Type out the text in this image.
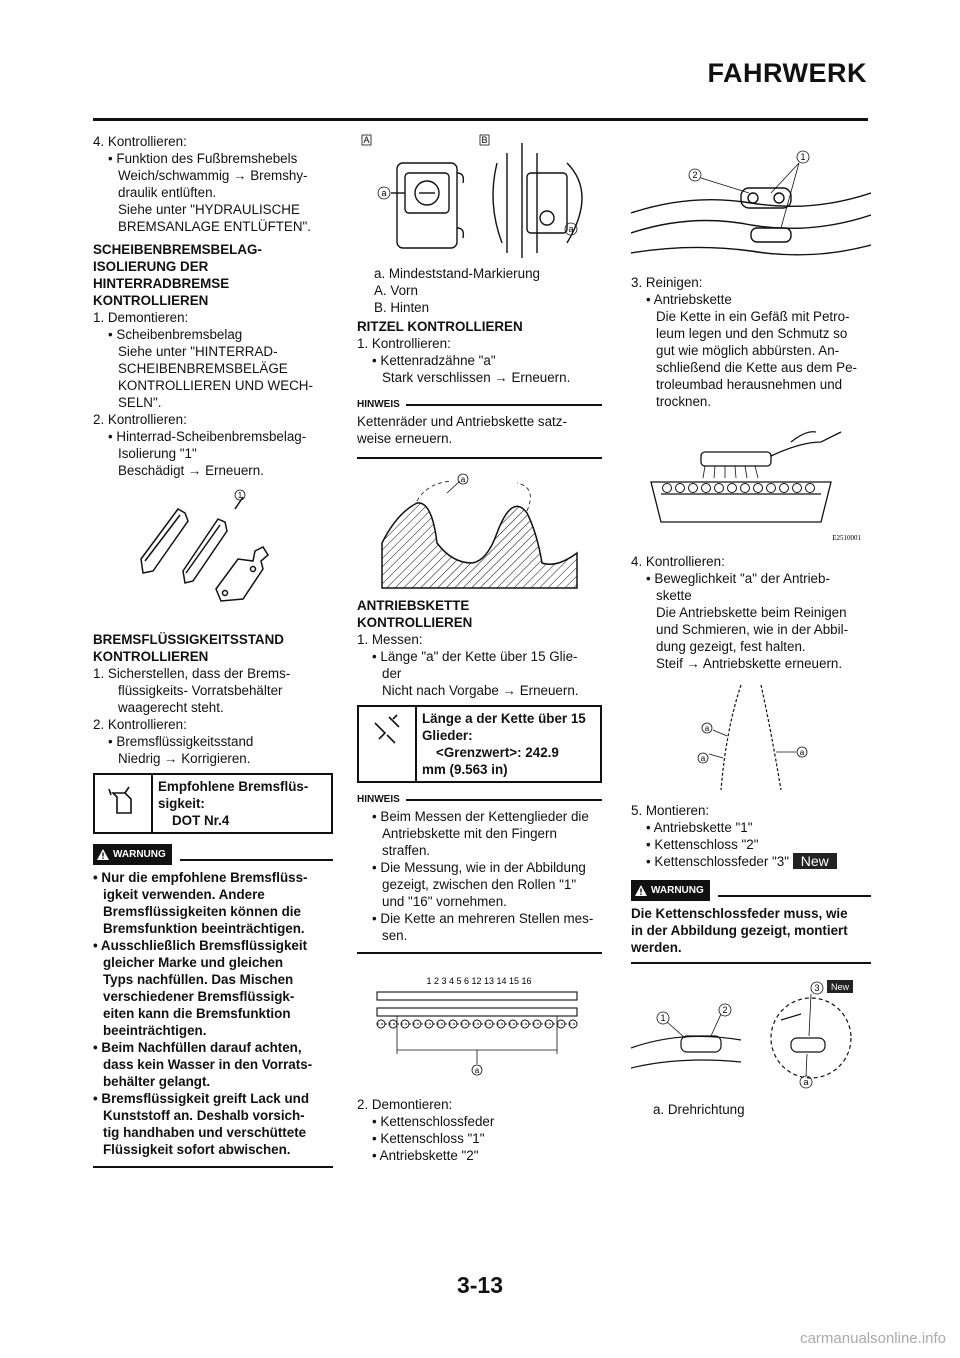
FAHRWERK

4. Kontrollieren:

• Funktion des Fußbremshebels

Weich/schwammig → Bremshy-

draulik entlüften.

Siehe unter "HYDRAULISCHE

BREMSANLAGE ENTLÜFTEN".

SCHEIBENBREMSBELAG-
ISOLIERUNG DER
HINTERRADBREMSE
KONTROLLIEREN

1. Demontieren:

• Scheibenbremsbelag

Siehe unter "HINTERRAD-

SCHEIBENBREMSBELÄGE

KONTROLLIEREN UND WECH-

SELN".

2. Kontrollieren:

• Hinterrad-Scheibenbremsbelag-

Isolierung "1"

Beschädigt → Erneuern.

1
BREMSFLÜSSIGKEITSSTAND
KONTROLLIEREN

1. Sicherstellen, dass der Brems-

flüssigkeits- Vorratsbehälter

waagerecht steht.

2. Kontrollieren:

• Bremsflüssigkeitsstand

Niedrig → Korrigieren.

Empfohlene Bremsflüs-
sigkeit:
DOT Nr.4
WARNUNG

• Nur die empfohlene Bremsflüss-

igkeit verwenden. Andere

Bremsflüssigkeiten können die

Bremsfunktion beeinträchtigen.

• Ausschließlich Bremsflüssigkeit

gleicher Marke und gleichen

Typs nachfüllen. Das Mischen

verschiedener Bremsflüssigk-

eiten kann die Bremsfunktion

beeinträchtigen.

• Beim Nachfüllen darauf achten,

dass kein Wasser in den Vorrats-

behälter gelangt.

• Bremsflüssigkeit greift Lack und

Kunststoff an. Deshalb vorsich-

tig handhaben und verschüttete

Flüssigkeit sofort abwischen.

A	B
a
a

a. Mindeststand-Markierung

A. Vorn

B. Hinten

RITZEL KONTROLLIEREN

1. Kontrollieren:

• Kettenradzähne "a"

Stark verschlissen → Erneuern.

HINWEIS

Kettenräder und Antriebskette satz-

weise erneuern.

a
ANTRIEBSKETTE
KONTROLLIEREN

1. Messen:

• Länge "a" der Kette über 15 Glie-

der

Nicht nach Vorgabe → Erneuern.

Länge a der Kette über 15
Glieder:
<Grenzwert>: 242.9
mm (9.563 in)
HINWEIS

• Beim Messen der Kettenglieder die

Antriebskette mit den Fingern

straffen.

• Die Messung, wie in der Abbildung

gezeigt, zwischen den Rollen "1"

und "16" vornehmen.

• Die Kette an mehreren Stellen mes-

sen.

1 2 3 4 5 6 12 13 14 15 16
a

2. Demontieren:

• Kettenschlossfeder

• Kettenschloss "1"

• Antriebskette "2"

1
2

3. Reinigen:

• Antriebskette

Die Kette in ein Gefäß mit Petro-

leum legen und den Schmutz so

gut wie möglich abbürsten. An-

schließend die Kette aus dem Pe-

troleumbad herausnehmen und

trocknen.

E2510001

4. Kontrollieren:

• Beweglichkeit "a" der Antrieb-

skette

Die Antriebskette beim Reinigen

und Schmieren, wie in der Abbil-

dung gezeigt, fest halten.

Steif → Antriebskette erneuern.

a
a
a

5. Montieren:

• Antriebskette "1"

• Kettenschloss "2"

• Kettenschlossfeder "3" New

WARNUNG

Die Kettenschlossfeder muss, wie

in der Abbildung gezeigt, montiert

werden.

1
2
3 New
a

a. Drehrichtung

3-13
carmanualsonline.info
